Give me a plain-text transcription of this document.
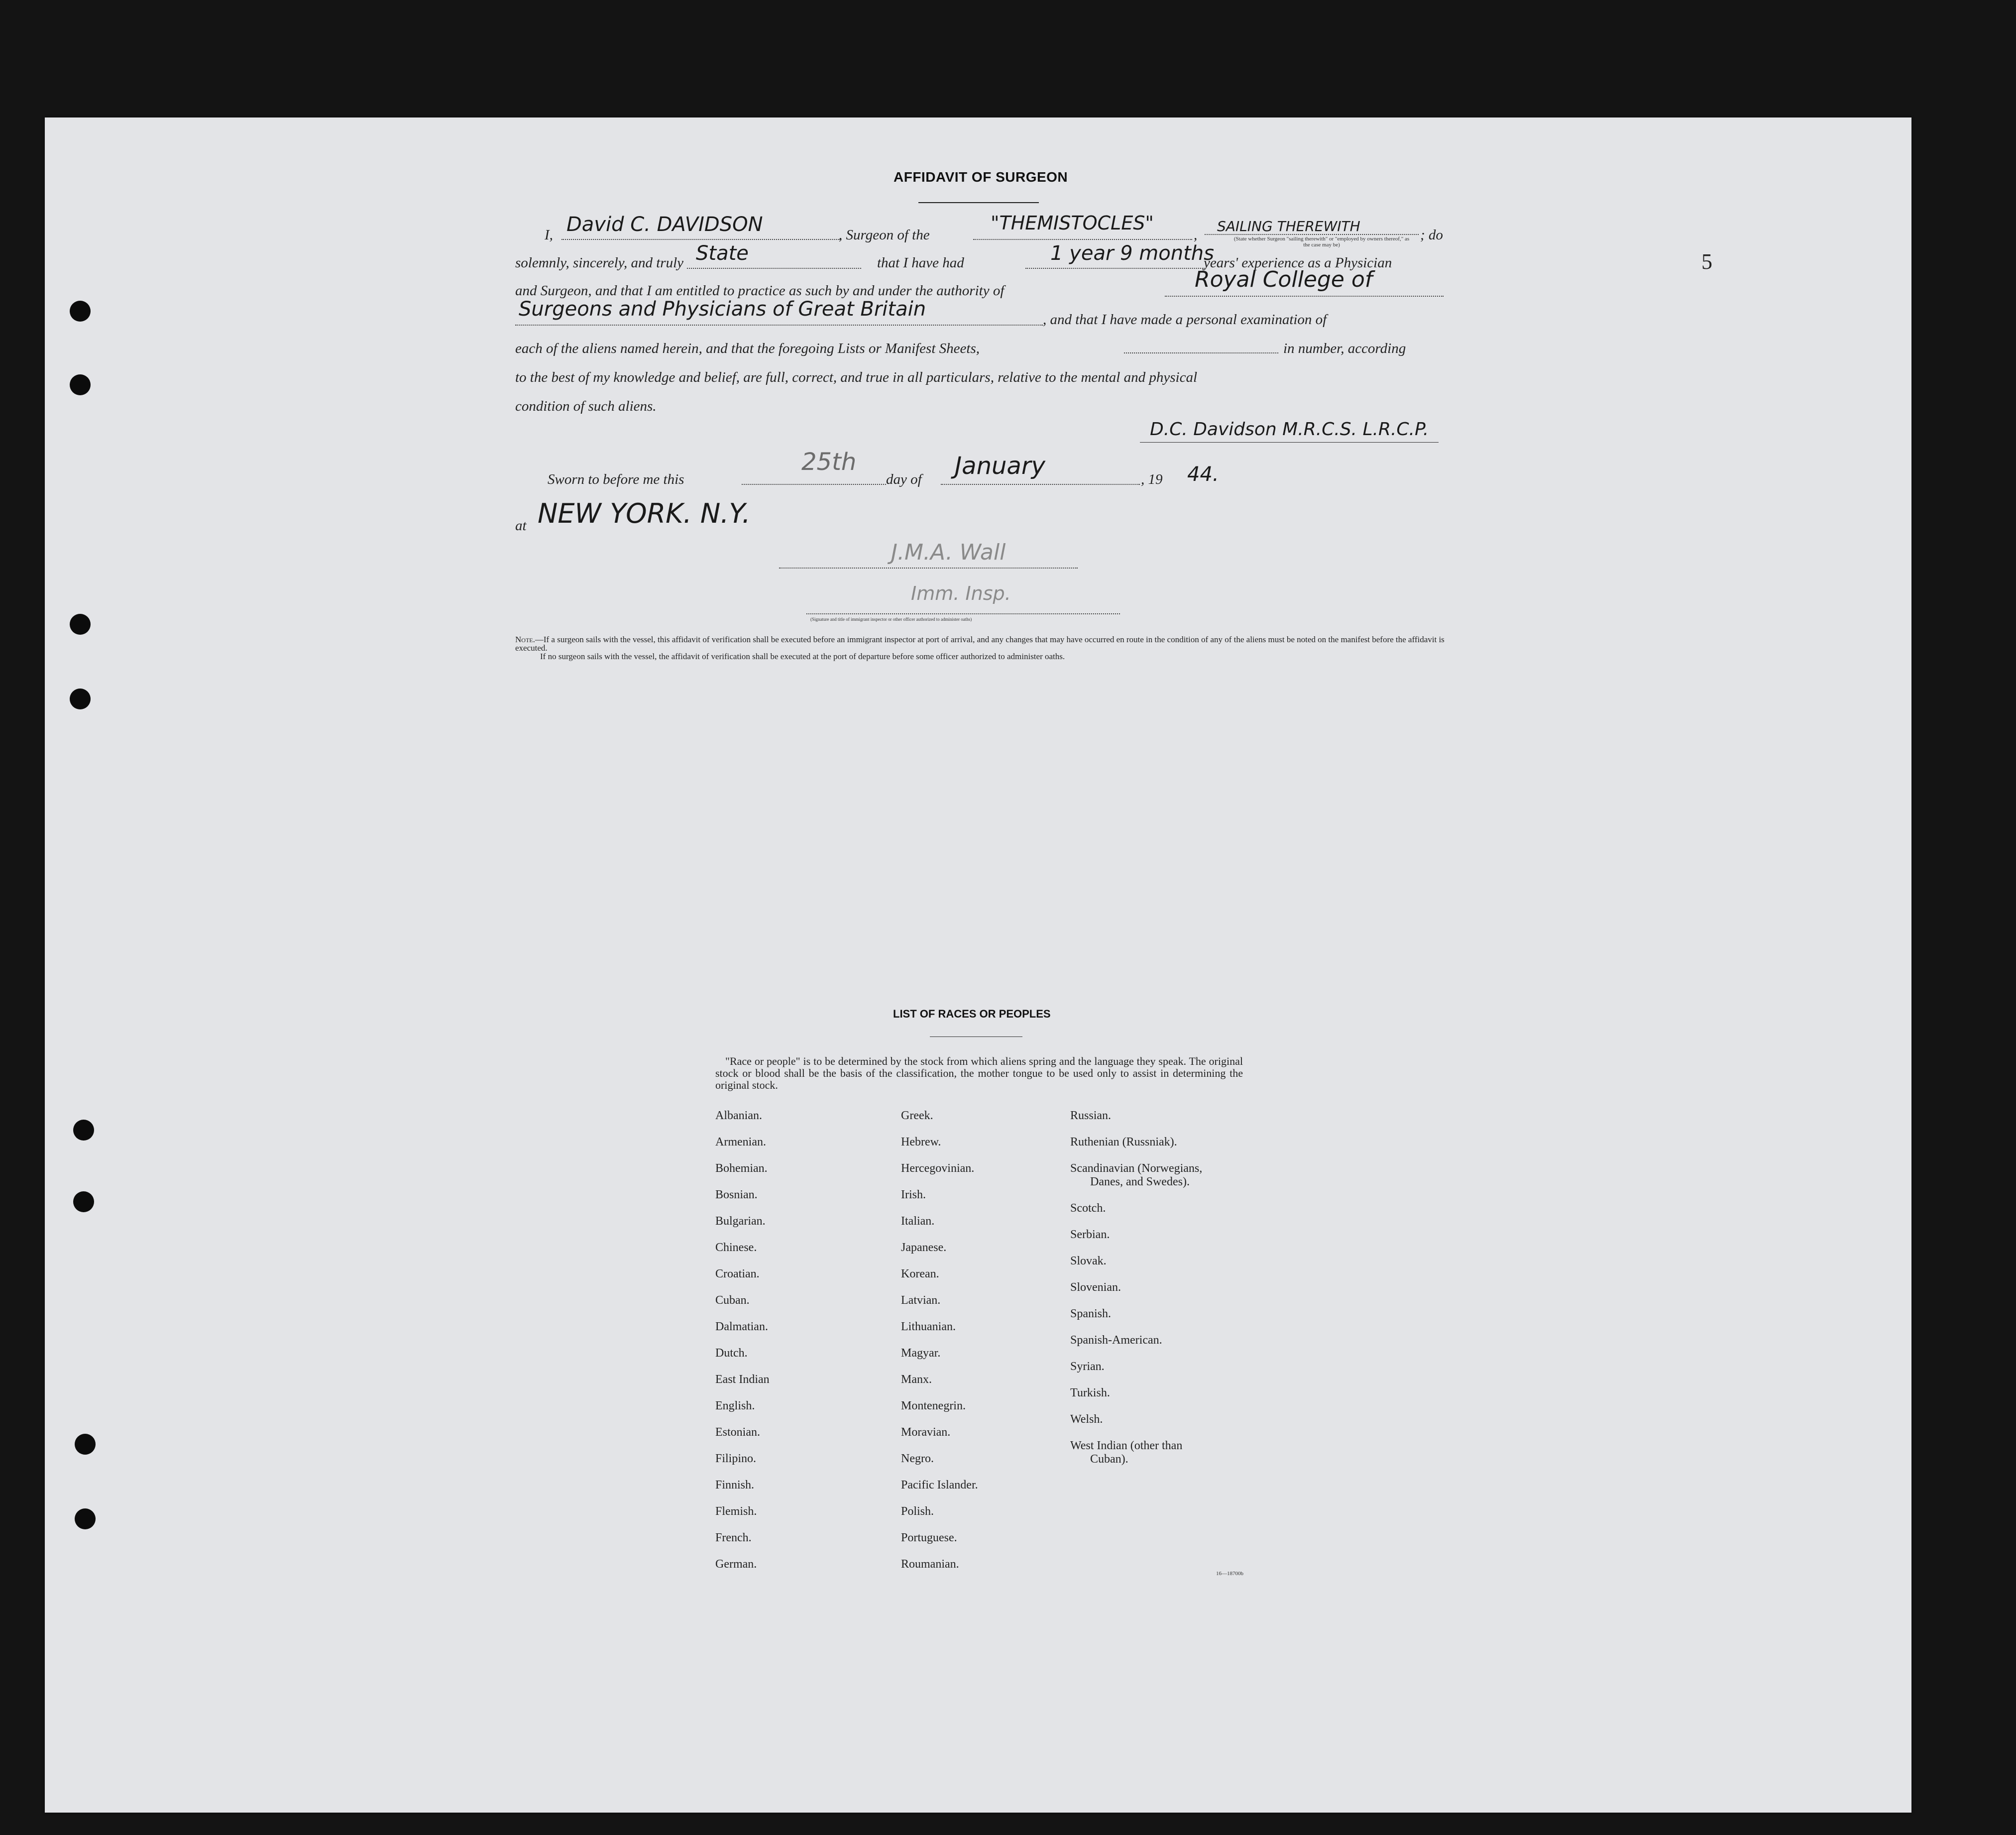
5
AFFIDAVIT OF SURGEON
I, David C. DAVIDSON	, Surgeon of the
"THEMISTOCLES"
,
SAILING THEREWITH
(State whether Surgeon "sailing therewith" or "employed by owners thereof," as the case may be)
; do
solemnly, sincerely, and truly State	that I have had	1 year 9 months
years' experience as a Physician
and Surgeon, and that I am entitled to practice as such by and under the authority of	Royal College of
Surgeons and Physicians of Great Britain	, and that I have made a personal examination of
each of the aliens named herein, and that the foregoing Lists or Manifest Sheets,	in number, according
to the best of my knowledge and belief, are full, correct, and true in all particulars, relative to the mental and physical
condition of such aliens.
D.C. Davidson M.R.C.S. L.R.C.P.
Sworn to before me this
25th
day of January	, 19 44.
at NEW YORK. N.Y.
J.M.A. Wall
Imm. Insp.
(Signature and title of immigrant inspector or other officer authorized to administer oaths)

Note.—If a surgeon sails with the vessel, this affidavit of verification shall be executed before an immigrant inspector at port of arrival, and any changes that may have occurred en route in the condition of any of the aliens must be noted on the manifest before the affidavit is executed.

If no surgeon sails with the vessel, the affidavit of verification shall be executed at the port of departure before some officer authorized to administer oaths.

LIST OF RACES OR PEOPLES
"Race or people" is to be determined by the stock from which aliens spring and the language they speak. The original stock or blood shall be the basis of the classification, the mother tongue to be used only to assist in determining the original stock.
Albanian.
Armenian.
Bohemian.
Bosnian.
Bulgarian.
Chinese.
Croatian.
Cuban.
Dalmatian.
Dutch.
East Indian
English.
Estonian.
Filipino.
Finnish.
Flemish.
French.
German.
Greek.
Hebrew.
Hercegovinian.
Irish.
Italian.
Japanese.
Korean.
Latvian.
Lithuanian.
Magyar.
Manx.
Montenegrin.
Moravian.
Negro.
Pacific Islander.
Polish.
Portuguese.
Roumanian.
Russian.
Ruthenian (Russniak).
Scandinavian (Norwegians,
Danes, and Swedes).
Scotch.
Serbian.
Slovak.
Slovenian.
Spanish.
Spanish-American.
Syrian.
Turkish.
Welsh.
West Indian (other than
Cuban).
16—18700b
